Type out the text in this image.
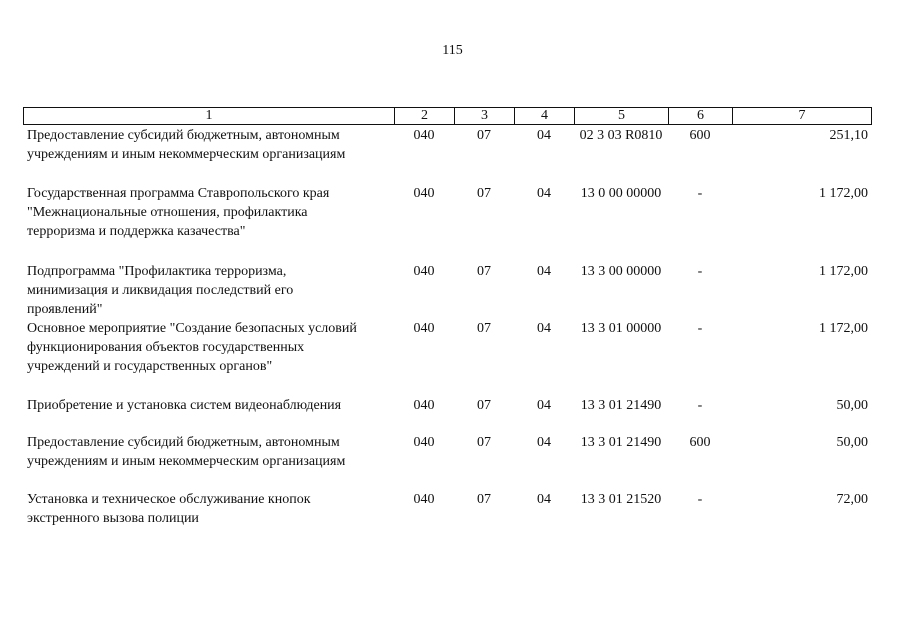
115
1	2	3	4	5	6	7
Предоставление субсидий бюджетным, автономным
учреждениям и иным некоммерческим организациям
040	07	04	02 3 03 R0810	600	251,10
Государственная программа Ставропольского края
"Межнациональные отношения, профилактика
терроризма и поддержка казачества"
040	07	04	13 0 00 00000	-	1 172,00
Подпрограмма "Профилактика терроризма,
минимизация и ликвидация последствий его
проявлений"
040	07	04	13 3 00 00000	-	1 172,00
Основное мероприятие "Создание безопасных условий
функционирования объектов государственных
учреждений и государственных органов"
040	07	04	13 3 01 00000	-	1 172,00
Приобретение и установка систем видеонаблюдения	040	07	04	13 3 01 21490	-	50,00
Предоставление субсидий бюджетным, автономным
учреждениям и иным некоммерческим организациям
040	07	04	13 3 01 21490	600	50,00
Установка и техническое обслуживание кнопок
экстренного вызова полиции
040	07	04	13 3 01 21520	-	72,00
